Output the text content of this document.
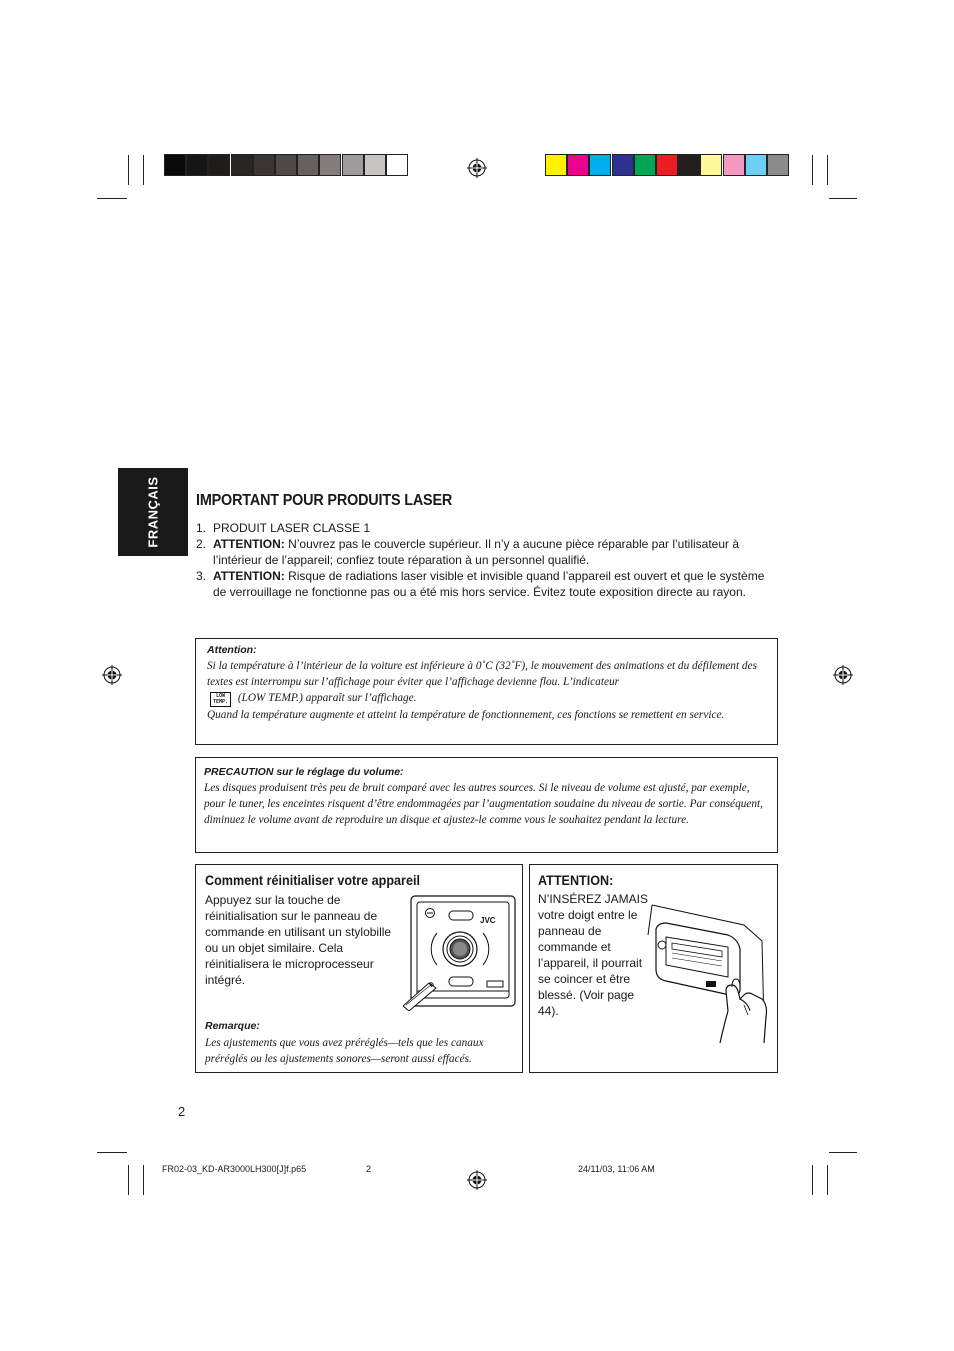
FRANÇAIS IMPORTANT POUR PRODUITS LASER
1. PRODUIT LASER CLASSE 1
2. ATTENTION: N’ouvrez pas le couvercle supérieur. Il n’y a aucune pièce réparable par l’utilisateur à l’intérieur de l’appareil; confiez toute réparation à un personnel qualifié.
3. ATTENTION: Risque de radiations laser visible et invisible quand l’appareil est ouvert et que le système de verrouillage ne fonctionne pas ou a été mis hors service. Évitez toute exposition directe au rayon.
Attention:
Si la température à l’intérieur de la voiture est inférieure à 0˚C (32˚F), le mouvement des animations et du défilement des textes est interrompu sur l’affichage pour éviter que l’affichage devienne flou. L’indicateur
LOW
TEMP. (LOW TEMP.) apparaît sur l’affichage.
Quand la température augmente et atteint la température de fonctionnement, ces fonctions se remettent en service.
PRECAUTION sur le réglage du volume:
Les disques produisent très peu de bruit comparé avec les autres sources. Si le niveau de volume est ajusté, par exemple, pour le tuner, les enceintes risquent d’être endommagées par l’augmentation soudaine du niveau de sortie. Par conséquent, diminuez le volume avant de reproduire un disque et ajustez-le comme vous le souhaitez pendant la lecture.
Comment réinitialiser votre appareil
Appuyez sur la touche de réinitialisation sur le panneau de commande en utilisant un stylobille ou un objet similaire. Cela réinitialisera le microprocesseur intégré.
JVC
Remarque:
Les ajustements que vous avez préréglés—tels que les canaux préréglés ou les ajustements sonores—seront aussi effacés.
ATTENTION:
N’INSÉREZ JAMAIS votre doigt entre le panneau de commande et l’appareil, il pourrait se coincer et être blessé. (Voir page 44).
2
FR02-03_KD-AR3000LH300[J]f.p65	2	24/11/03, 11:06 AM
